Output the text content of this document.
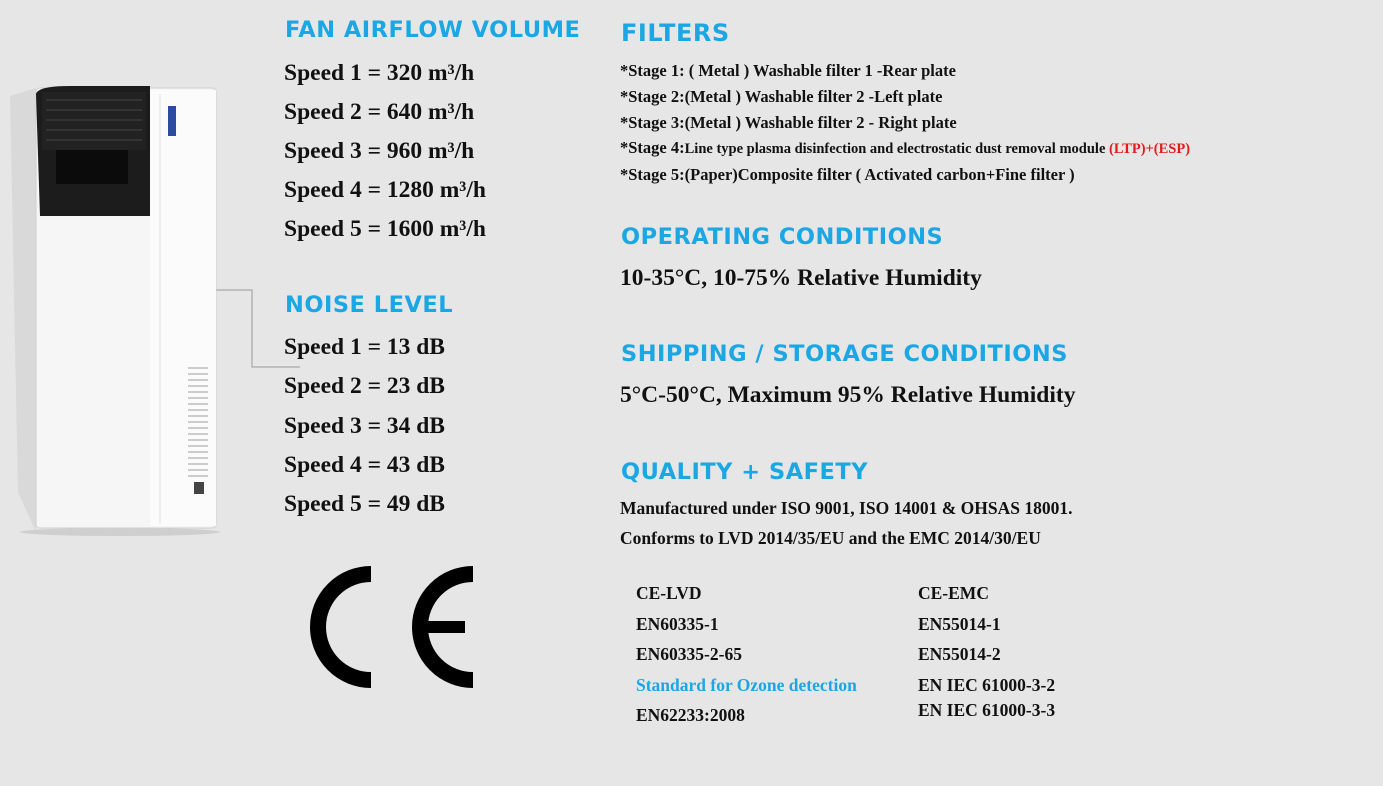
FAN AIRFLOW VOLUME
Speed 1 = 320 m³/h
Speed 2 = 640 m³/h
Speed 3 = 960 m³/h
Speed 4 = 1280 m³/h
Speed 5 = 1600 m³/h
NOISE LEVEL
Speed 1 = 13 dB
Speed 2 = 23 dB
Speed 3 = 34 dB
Speed 4 = 43 dB
Speed 5 = 49 dB
FILTERS
*Stage 1: ( Metal ) Washable filter 1 -Rear plate
*Stage 2:(Metal ) Washable filter 2 -Left plate
*Stage 3:(Metal ) Washable filter 2 - Right plate
*Stage 4:Line type plasma disinfection and electrostatic dust removal module (LTP)+(ESP)
*Stage 5:(Paper)Composite filter ( Activated carbon+Fine filter )
OPERATING CONDITIONS
10-35°C, 10-75% Relative Humidity
SHIPPING / STORAGE CONDITIONS
5°C-50°C, Maximum 95% Relative Humidity
QUALITY + SAFETY
Manufactured under ISO 9001, ISO 14001 & OHSAS 18001.
Conforms to LVD 2014/35/EU and the EMC 2014/30/EU
CE-LVD
EN60335-1
EN60335-2-65
Standard for Ozone detection
EN62233:2008
CE-EMC
EN55014-1
EN55014-2
EN IEC 61000-3-2
EN IEC 61000-3-3
